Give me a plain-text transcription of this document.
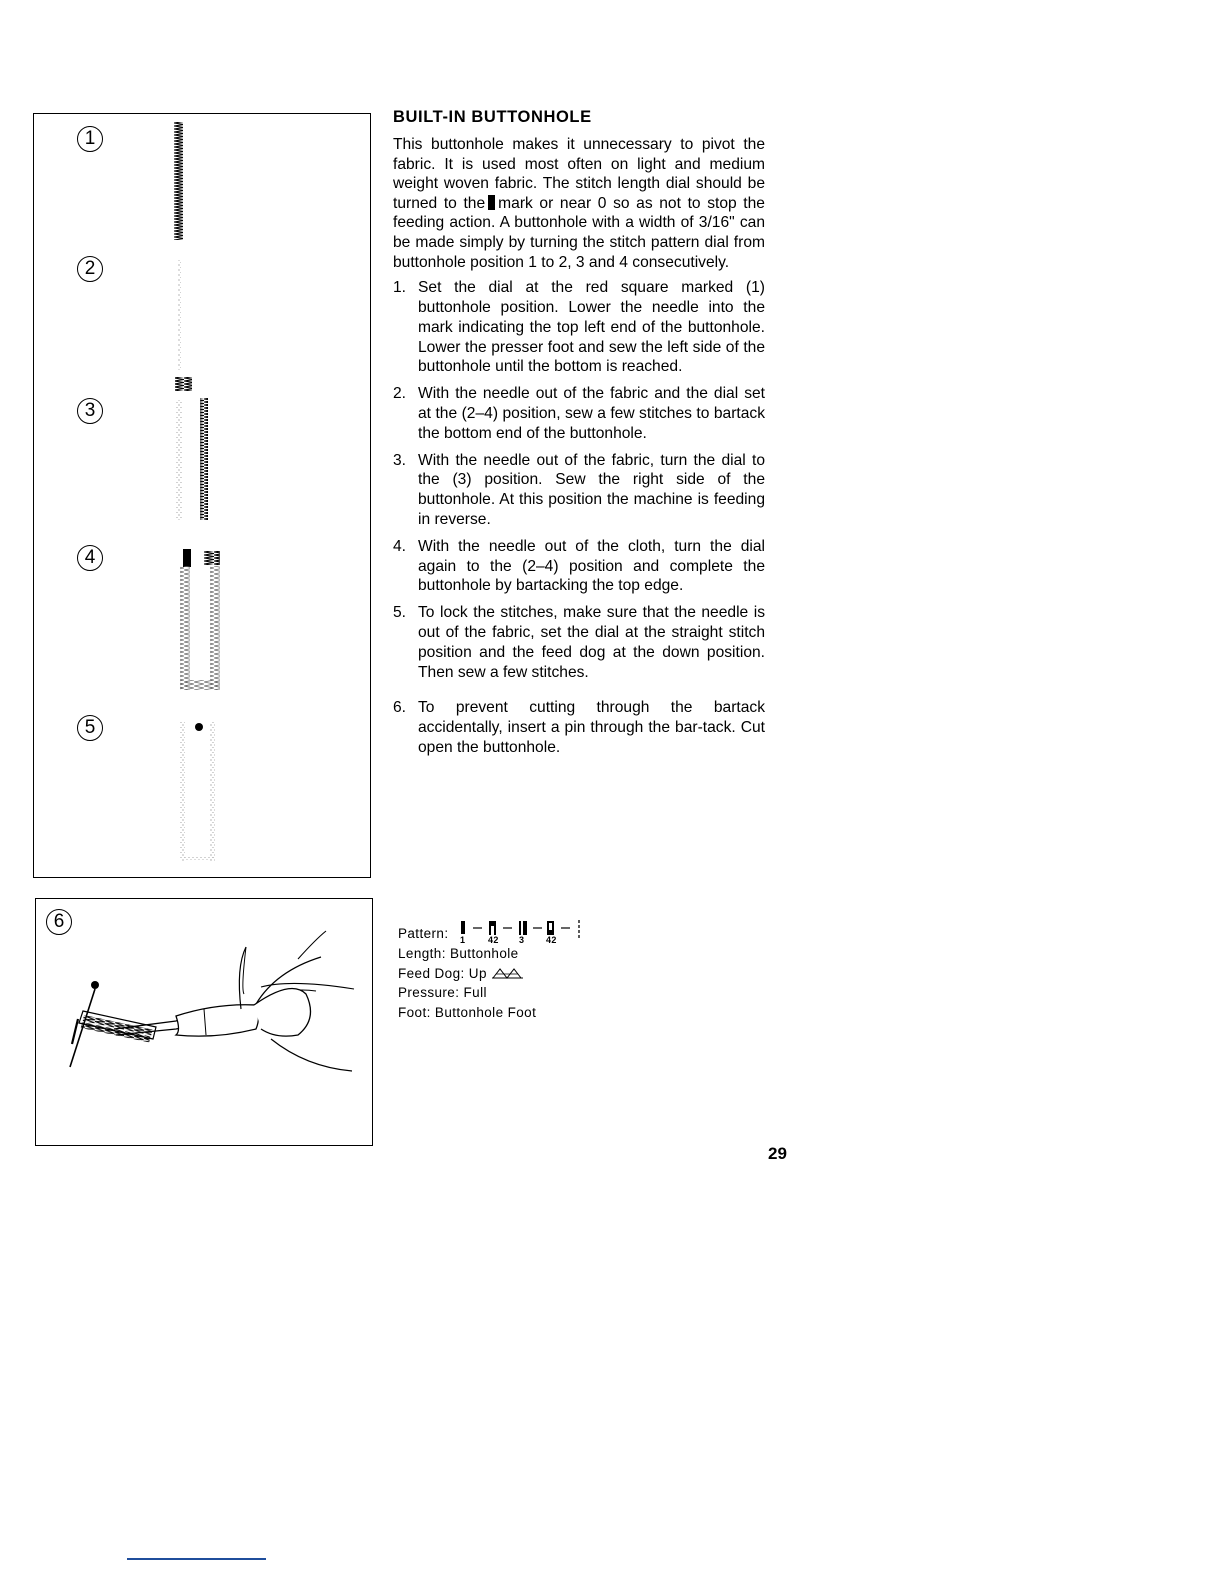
1
2
3
4
5
6
BUILT-IN BUTTONHOLE

This buttonhole makes it unnecessary to pivot the fabric. It is used most often on light and medium weight woven fabric. The stitch length dial should be turned to the mark or near 0 so as not to stop the feeding action. A buttonhole with a width of 3/16" can be made simply by turning the stitch pattern dial from buttonhole position 1 to 2, 3 and 4 consecutively.

1. Set the dial at the red square marked (1) buttonhole position. Lower the needle into the mark indicating the top left end of the buttonhole. Lower the presser foot and sew the left side of the buttonhole until the bottom is reached.
2. With the needle out of the fabric and the dial set at the (2–4) position, sew a few stitches to bartack the bottom end of the buttonhole.
3. With the needle out of the fabric, turn the dial to the (3) position. Sew the right side of the buttonhole. At this position the machine is feeding in reverse.
4. With the needle out of the cloth, turn the dial again to the (2–4) position and complete the buttonhole by bartacking the top edge.
5. To lock the stitches, make sure that the needle is out of the fabric, set the dial at the straight stitch position and the feed dog at the down position. Then sew a few stitches.
6. To prevent cutting through the bartack accidentally, insert a pin through the bar-tack. Cut open the buttonhole.
Pattern: 1	42 3 42
Length: Buttonhole
Feed Dog: Up
Pressure: Full
Foot: Buttonhole Foot
29
